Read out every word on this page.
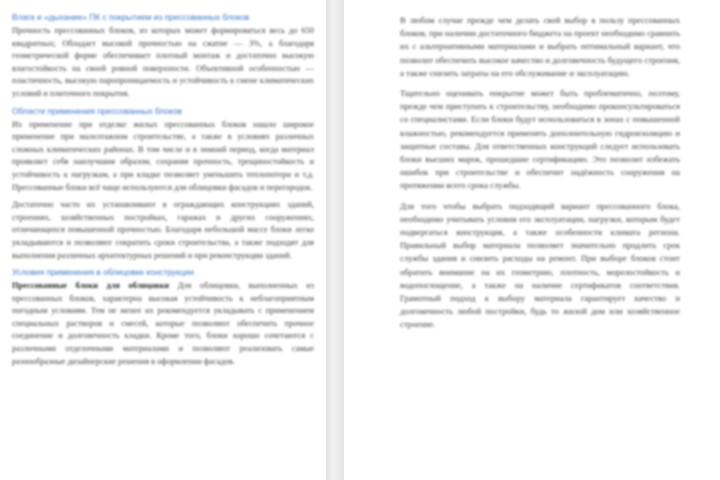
Влага и «дыхание» ПК с покрытием из прессованных блоков

Прочность прессованных блоков, из которых может формироваться весь до 650 квадратных; Обладает высокой прочностью на сжатие — 3%, а благодаря геометрической форме обеспечивает плотный монтаж и достаточно высокую влагостойкость на своей ровной поверхности. Объективной особенностью — пластичность, высокую паропроницаемость и устойчивость к смене климатических условий и плиточного покрытия.

Области применения прессованных блоков

Их применение при отделке жилых прессованных блоков нашло широкое применение при малоэтажном строительстве, а также в условиях различных сложных климатических районах. В том числе и в зимний период, когда материал проявляет себя наилучшим образом, сохраняя прочность, трещиностойкость и устойчивость к нагрузкам, а при кладке позволяет уменьшить теплопотери и т.д. Прессованные блоки всё чаще используются для облицовки фасадов и перегородок.

Достаточно часто их устанавливают в ограждающих конструкциях зданий, строениях, хозяйственных постройках, гаражах и других сооружениях, отличающихся повышенной прочностью. Благодаря небольшой массе блоки легко укладываются и позволяют сократить сроки строительства, а также подходят для выполнения различных архитектурных решений и при реконструкции зданий.

Условия применения в облицовке конструкции

Прессованные блоки для облицовки Для облицовки, выполненных из прессованных блоков, характерна высокая устойчивость к неблагоприятным погодным условиям. Тем не менее их рекомендуется укладывать с применением специальных растворов и смесей, которые позволяют обеспечить прочное соединение и долговечность кладки. Кроме того, блоки хорошо сочетаются с различными отделочными материалами и позволяют реализовать самые разнообразные дизайнерские решения в оформлении фасадов.

В любом случае прежде чем делать свой выбор в пользу прессованных блоков, при наличии достаточного бюджета на проект необходимо сравнить их с альтернативными материалами и выбрать оптимальный вариант, что позволит обеспечить высокое качество и долговечность будущего строения, а также снизить затраты на его обслуживание и эксплуатацию.

Тщательно оценивать покрытие может быть проблематично, поэтому, прежде чем приступать к строительству, необходимо проконсультироваться со специалистами. Если блоки будут использоваться в зонах с повышенной влажностью, рекомендуется применять дополнительную гидроизоляцию и защитные составы. Для ответственных конструкций следует использовать блоки высших марок, прошедшие сертификацию. Это позволит избежать ошибок при строительстве и обеспечит надёжность сооружения на протяжении всего срока службы.

Для того чтобы выбрать подходящий вариант прессованного блока, необходимо учитывать условия его эксплуатации, нагрузки, которым будет подвергаться конструкция, а также особенности климата региона. Правильный выбор материала позволяет значительно продлить срок службы здания и снизить расходы на ремонт. При выборе блоков стоит обратить внимание на их геометрию, плотность, морозостойкость и водопоглощение, а также на наличие сертификатов соответствия. Грамотный подход к выбору материала гарантирует качество и долговечность любой постройки, будь то жилой дом или хозяйственное строение.
